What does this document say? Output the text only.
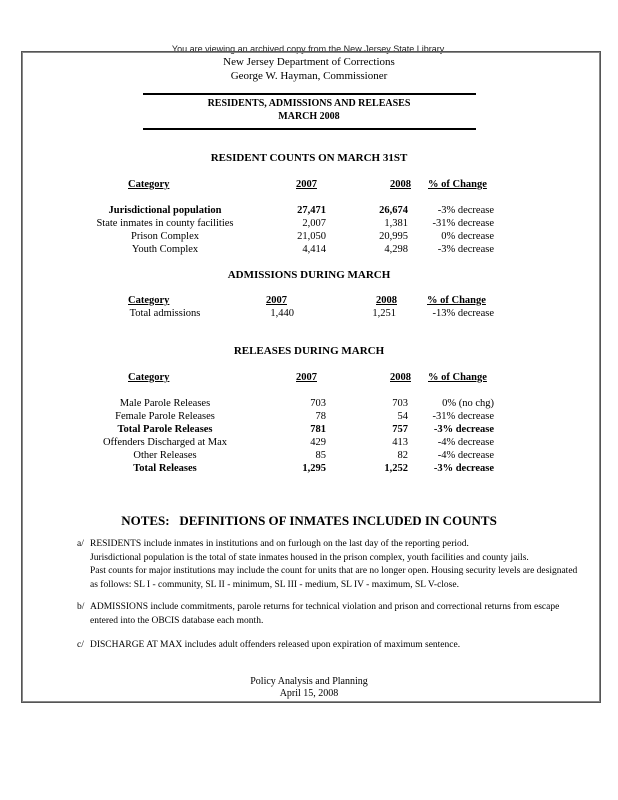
You are viewing an archived copy from the New Jersey State Library.
New Jersey Department of Corrections
George W. Hayman, Commissioner
RESIDENTS, ADMISSIONS AND RELEASES
MARCH 2008
RESIDENT COUNTS ON MARCH 31ST
Category	2007	2008 % of Change
Jurisdictional population	27,471	26,674	-3% decrease
State inmates in county facilities	2,007	1,381	-31% decrease
Prison Complex	21,050	20,995	0% decrease
Youth Complex	4,414	4,298	-3% decrease
ADMISSIONS DURING MARCH
Category	2007	2008	% of Change
Total admissions	1,440	1,251	-13% decrease
RELEASES DURING MARCH
Category	2007	2008 % of Change
Male Parole Releases	703	703	0% (no chg)
Female Parole Releases	78	54	-31% decrease
Total Parole Releases	781	757	-3% decrease
Offenders Discharged at Max	429	413	-4% decrease
Other Releases	85	82	-4% decrease
Total Releases	1,295	1,252	-3% decrease
NOTES:   DEFINITIONS OF INMATES INCLUDED IN COUNTS
a/ RESIDENTS include inmates in institutions and on furlough on the last day of the reporting period.
Jurisdictional population is the total of state inmates housed in the prison complex, youth facilities and county jails.
Past counts for major institutions may include the count for units that are no longer open. Housing security levels are designated
as follows: SL I - community, SL II - minimum, SL III - medium, SL IV - maximum, SL V-close.
b/ ADMISSIONS include commitments, parole returns for technical violation and prison and correctional returns from escape
entered into the OBCIS database each month.
c/ DISCHARGE AT MAX includes adult offenders released upon expiration of maximum sentence.
Policy Analysis and Planning
April 15, 2008
